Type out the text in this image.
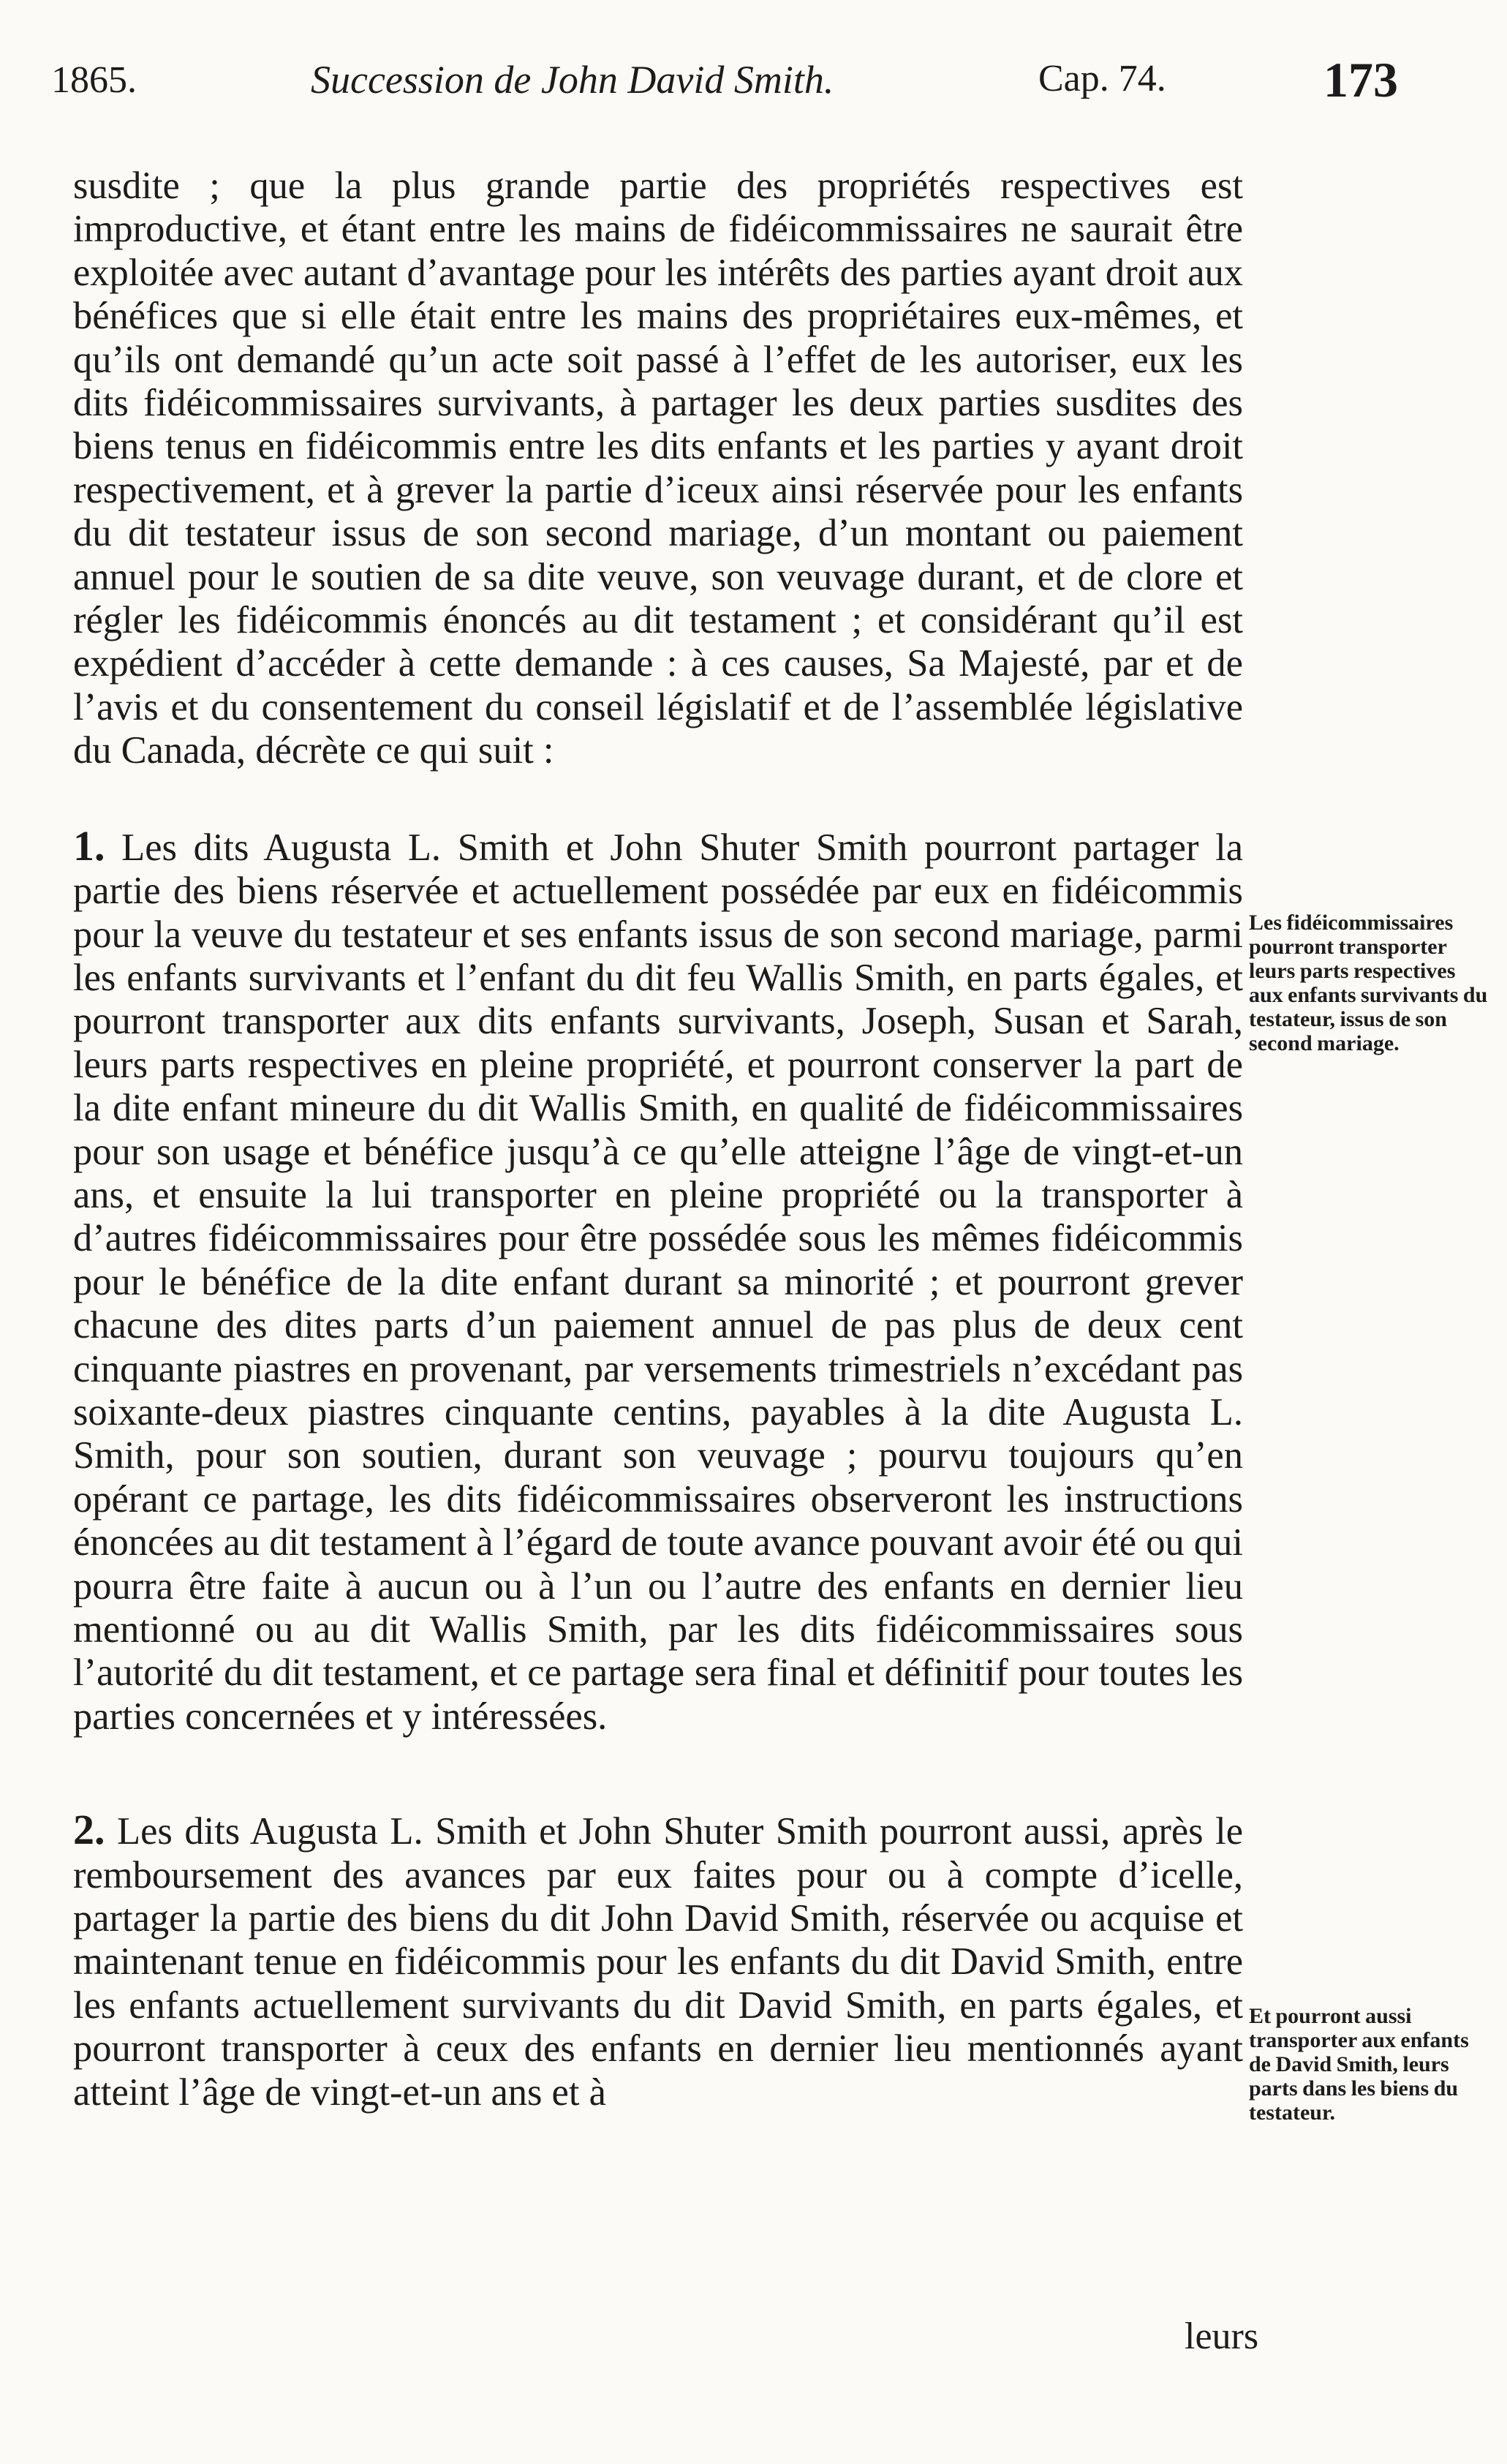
1865.	Succession de John David Smith.	Cap. 74.	173

susdite ; que la plus grande partie des propriétés respectives est improductive, et étant entre les mains de fidéicommissaires ne saurait être exploitée avec autant d’avantage pour les intérêts des parties ayant droit aux bénéfices que si elle était entre les mains des propriétaires eux-mêmes, et qu’ils ont demandé qu’un acte soit passé à l’effet de les autoriser, eux les dits fidéicommissaires survivants, à partager les deux parties susdites des biens tenus en fidéicommis entre les dits enfants et les parties y ayant droit respectivement, et à grever la partie d’iceux ainsi réservée pour les enfants du dit testateur issus de son second mariage, d’un montant ou paiement annuel pour le soutien de sa dite veuve, son veuvage durant, et de clore et régler les fidéicommis énoncés au dit testament ; et considérant qu’il est expédient d’accéder à cette demande : à ces causes, Sa Majesté, par et de l’avis et du consentement du conseil législatif et de l’assemblée législative du Canada, décrète ce qui suit :

1. Les dits Augusta L. Smith et John Shuter Smith pourront partager la partie des biens réservée et actuellement possédée par eux en fidéicommis pour la veuve du testateur et ses enfants issus de son second mariage, parmi les enfants survivants et l’enfant du dit feu Wallis Smith, en parts égales, et pourront transporter aux dits enfants survivants, Joseph, Susan et Sarah, leurs parts respectives en pleine propriété, et pourront conserver la part de la dite enfant mineure du dit Wallis Smith, en qualité de fidéicommissaires pour son usage et bénéfice jusqu’à ce qu’elle atteigne l’âge de vingt-et-un ans, et ensuite la lui transporter en pleine propriété ou la transporter à d’autres fidéicommissaires pour être possédée sous les mêmes fidéicommis pour le bénéfice de la dite enfant durant sa minorité ; et pourront grever chacune des dites parts d’un paiement annuel de pas plus de deux cent cinquante piastres en provenant, par versements trimestriels n’excédant pas soixante-deux piastres cinquante centins, payables à la dite Augusta L. Smith, pour son soutien, durant son veuvage ; pourvu toujours qu’en opérant ce partage, les dits fidéicommissaires observeront les instructions énoncées au dit testament à l’égard de toute avance pouvant avoir été ou qui pourra être faite à aucun ou à l’un ou l’autre des enfants en dernier lieu mentionné ou au dit Wallis Smith, par les dits fidéicommissaires sous l’autorité du dit testament, et ce partage sera final et définitif pour toutes les parties concernées et y intéressées.

2. Les dits Augusta L. Smith et John Shuter Smith pourront aussi, après le remboursement des avances par eux faites pour ou à compte d’icelle, partager la partie des biens du dit John David Smith, réservée ou acquise et maintenant tenue en fidéicommis pour les enfants du dit David Smith, entre les enfants actuellement survivants du dit David Smith, en parts égales, et pourront transporter à ceux des enfants en dernier lieu mentionnés ayant atteint l’âge de vingt-et-un ans et à

Les fidéicommissaires pourront transporter leurs parts respectives aux enfants survivants du testateur, issus de son second mariage.
Et pourront aussi transporter aux enfants de David Smith, leurs parts dans les biens du testateur.
leurs
